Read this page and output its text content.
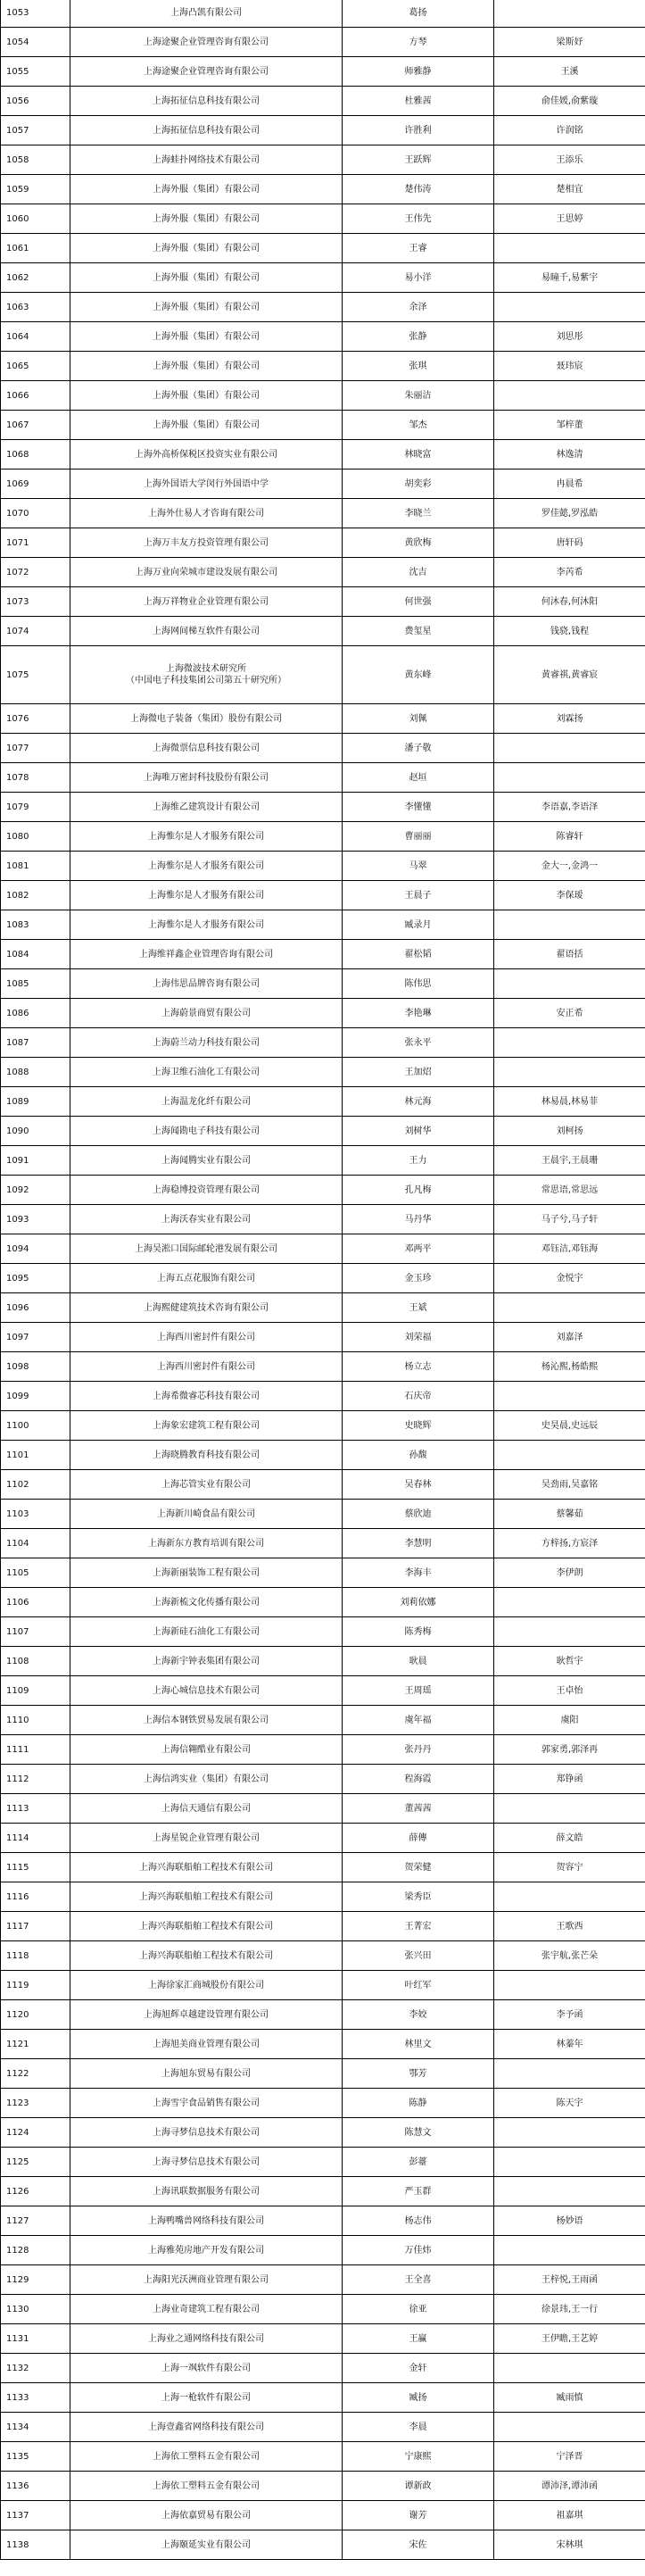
1053	上海凸凯有限公司	葛扬	
1054	上海途聚企业管理咨询有限公司	方琴	梁斯妤
1055	上海途聚企业管理咨询有限公司	师雅静	王溪
1056	上海拓征信息科技有限公司	杜雅茜	俞佳媛,俞紫璇
1057	上海拓征信息科技有限公司	许胜利	许润铭
1058	上海蛙扑网络技术有限公司	王跃辉	王添乐
1059	上海外服（集团）有限公司	楚伟涛	楚相宜
1060	上海外服（集团）有限公司	王伟先	王思婷
1061	上海外服（集团）有限公司	王睿	
1062	上海外服（集团）有限公司	易小洋	易瞳千,易紫宇
1063	上海外服（集团）有限公司	余泽	
1064	上海外服（集团）有限公司	张静	刘思彤
1065	上海外服（集团）有限公司	张琪	聂玮宸
1066	上海外服（集团）有限公司	朱丽洁	
1067	上海外服（集团）有限公司	邹杰	邹梓董
1068	上海外高桥保税区投资实业有限公司	林晓富	林逸清
1069	上海外国语大学闵行外国语中学	胡奕彩	冉晨希
1070	上海外仕易人才咨询有限公司	李晓兰	罗佳懿,罗泓皓
1071	上海万丰友方投资管理有限公司	黄欣梅	唐轩码
1072	上海万业向荣城市建设发展有限公司	沈吉	李芮希
1073	上海万祥物业企业管理有限公司	何世强	何沐春,何沐阳
1074	上海网间梯互软件有限公司	费玺星	钱骁,钱程
1075	上海微波技术研究所
（中国电子科技集团公司第五十研究所）	黄东峰	黄睿祺,黄睿宸
1076	上海微电子装备（集团）股份有限公司	刘佩	刘霖扬
1077	上海微票信息科技有限公司	潘子敬	
1078	上海唯万密封科技股份有限公司	赵垣	
1079	上海维乙建筑设计有限公司	李懂懂	李语嘉,李语泽
1080	上海惟尔是人才服务有限公司	曹丽丽	陈睿轩
1081	上海惟尔是人才服务有限公司	马翠	金大一,金鸿一
1082	上海惟尔是人才服务有限公司	王晨子	李保瑷
1083	上海惟尔是人才服务有限公司	臧录月	
1084	上海维祥鑫企业管理咨询有限公司	翟松韬	翟语括
1085	上海伟思品牌咨询有限公司	陈伟思	
1086	上海蔚景商贸有限公司	李艳琳	安正希
1087	上海蔚兰动力科技有限公司	张永平	
1088	上海卫维石油化工有限公司	王加炤	
1089	上海温龙化纤有限公司	林元海	林易晨,林易菲
1090	上海闻勘电子科技有限公司	刘树华	刘柯扬
1091	上海闻腾实业有限公司	王力	王晨宇,王晨珊
1092	上海稳博投资管理有限公司	孔凡梅	常思语,常思远
1093	上海沃春实业有限公司	马丹华	马子兮,马子轩
1094	上海吴淞口国际邮轮港发展有限公司	邓两平	邓钰洁,邓钰海
1095	上海五点花服饰有限公司	金玉珍	金悦宇
1096	上海熙健建筑技术咨询有限公司	王斌	
1097	上海西川密封件有限公司	刘荣福	刘嘉泽
1098	上海西川密封件有限公司	杨立志	杨沁熙,杨皓熙
1099	上海希微睿芯科技有限公司	石庆帝	
1100	上海象宏建筑工程有限公司	史晓辉	史昊晨,史远辰
1101	上海晓腾教育科技有限公司	孙馥	
1102	上海芯管实业有限公司	吴春林	吴劲雨,吴嘉铭
1103	上海新川崎食品有限公司	蔡欣迪	蔡馨茹
1104	上海新东方教育培训有限公司	李慧明	方梓扬,方宸泽
1105	上海新丽装饰工程有限公司	李海丰	李伊朗
1106	上海新梳文化传播有限公司	刘莉依娜	
1107	上海新硅石油化工有限公司	陈秀梅	
1108	上海新宇钟表集团有限公司	耿晨	耿哲宇
1109	上海心城信息技术有限公司	王周瑶	王卓怡
1110	上海信本钢铁贸易发展有限公司	虞年福	虞阳
1111	上海信翱酷业有限公司	张丹丹	郭家勇,郭泽再
1112	上海信鸿实业（集团）有限公司	程海霞	郑铮函
1113	上海信天通信有限公司	董茜茜	
1114	上海星锐企业管理有限公司	薛傳	薛文皓
1115	上海兴海联船舶工程技术有限公司	贺荣健	贺容宁
1116	上海兴海联船舶工程技术有限公司	梁秀臣	
1117	上海兴海联船舶工程技术有限公司	王菁宏	王歌西
1118	上海兴海联船舶工程技术有限公司	张兴田	张宇航,张芒朵
1119	上海徐家汇商城股份有限公司	叶红军	
1120	上海旭辉卓越建设管理有限公司	李姣	李予函
1121	上海旭美商业管理有限公司	林里文	林蓁年
1122	上海旭东贸易有限公司	鄂芳	
1123	上海雪宇食品销售有限公司	陈静	陈天宇
1124	上海寻梦信息技术有限公司	陈慧文	
1125	上海寻梦信息技术有限公司	彭薹	
1126	上海讯联数据服务有限公司	严玉群	
1127	上海鸭嘴兽网络科技有限公司	杨志伟	杨妙语
1128	上海雅苑房地产开发有限公司	万佳炜	
1129	上海阳光沃洲商业管理有限公司	王全喜	王梓悦,王雨函
1130	上海业奇建筑工程有限公司	徐亚	徐景玮,王一行
1131	上海业之通网络科技有限公司	王赢	王伊瞻,王艺婷
1132	上海一飒软件有限公司	金轩	
1133	上海一枪软件有限公司	臧扬	臧雨慎
1134	上海壹鑫省网络科技有限公司	李晨	
1135	上海依工塑料五金有限公司	宁康熙	宁泽晋
1136	上海依工塑料五金有限公司	谭新政	谭沛泽,谭沛函
1137	上海依嘉贸易有限公司	谢芳	祖嘉琪
1138	上海颐延实业有限公司	宋佐	宋林琪
